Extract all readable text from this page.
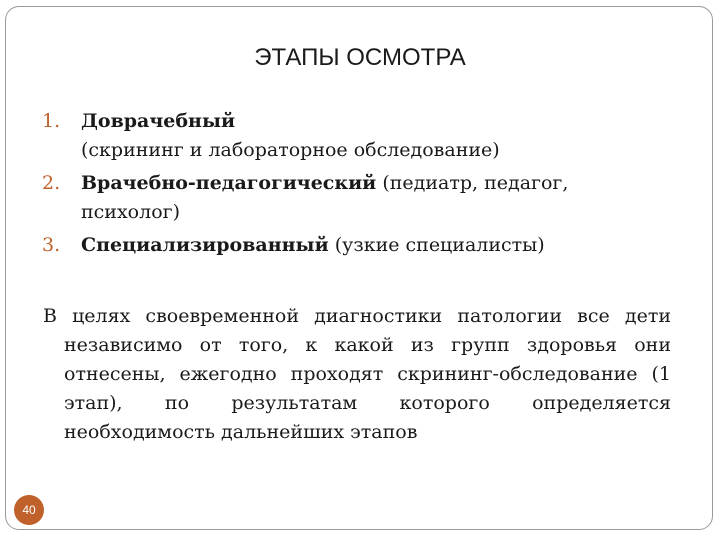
ЭТАПЫ ОСМОТРА
1. Доврачебный
(скрининг и лабораторное обследование)
2. Врачебно-педагогический (педиатр, педагог, психолог)
3. Специализированный (узкие специалисты)
В целях своевременной диагностики патологии все дети независимо от того, к какой из групп здоровья они отнесены, ежегодно проходят скрининг-обследование (1 этап), по результатам которого определяется необходимость дальнейших этапов
40
